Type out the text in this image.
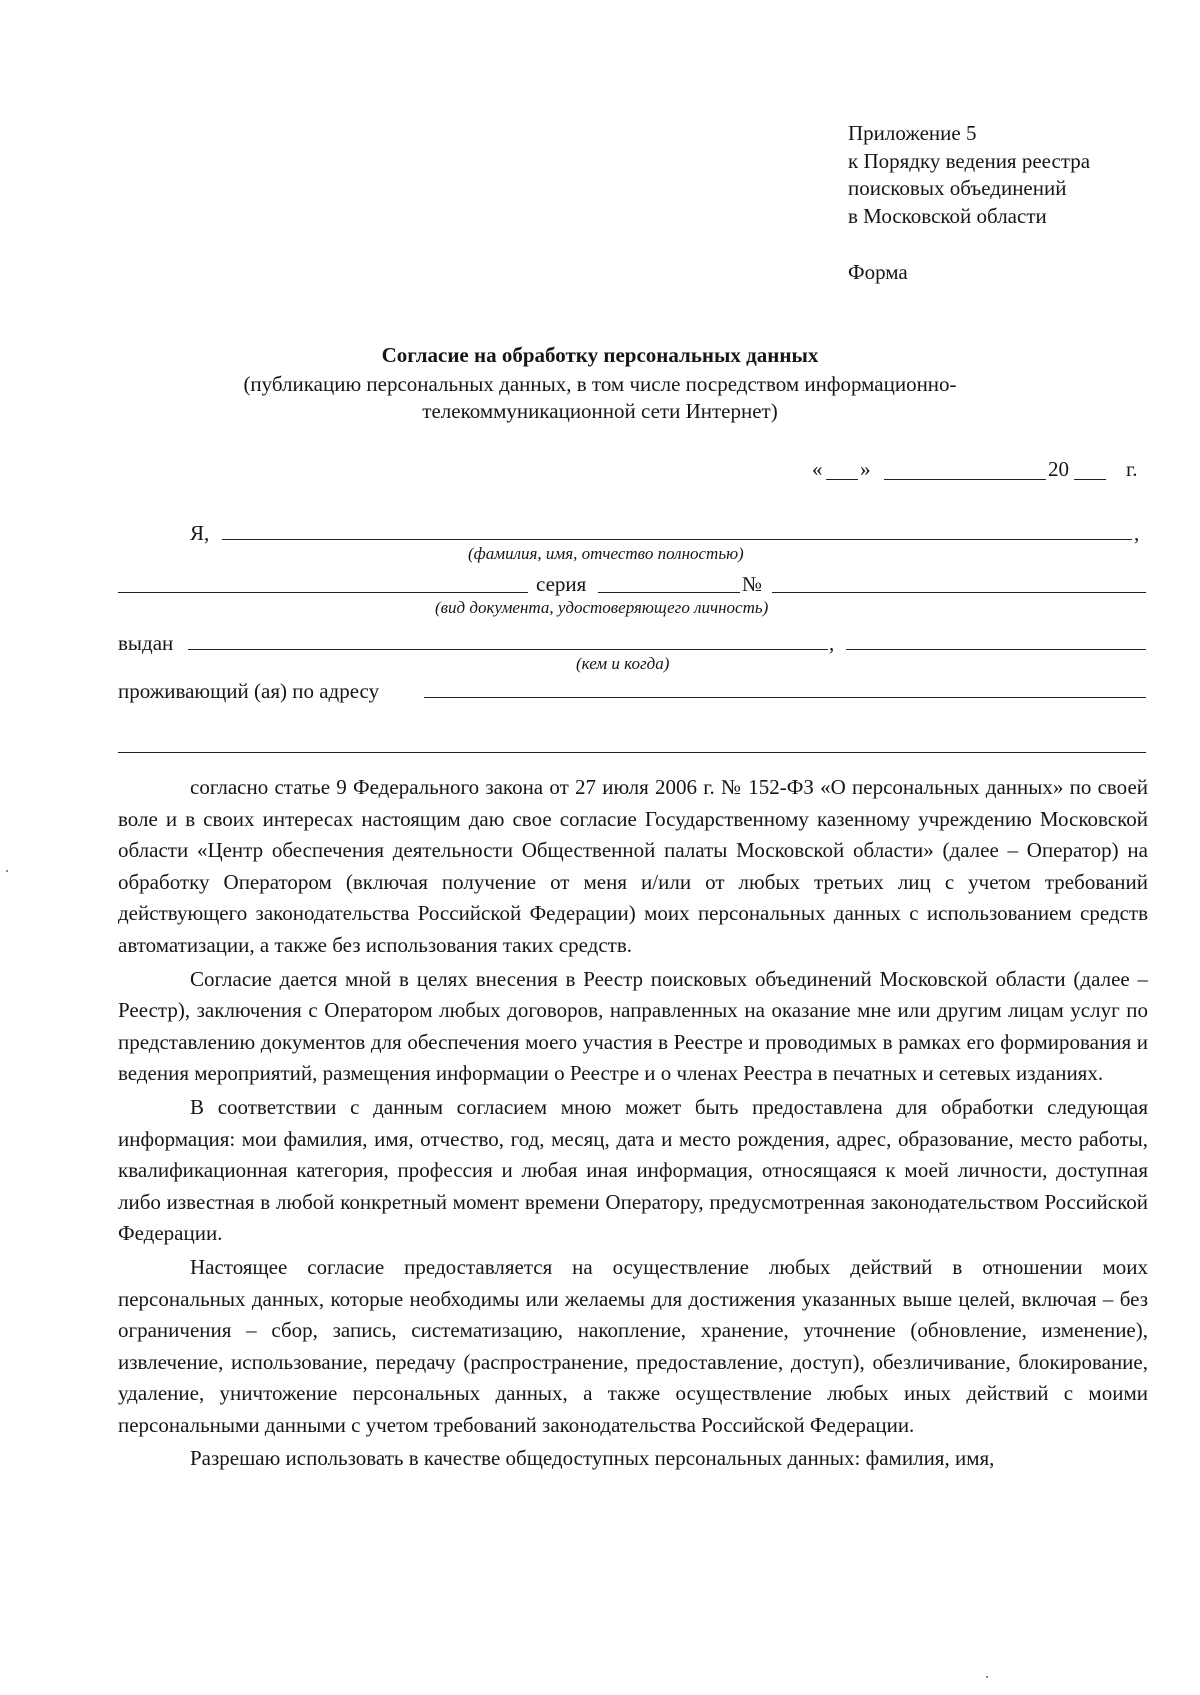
Приложение 5
к Порядку ведения реестра
поисковых объединений
в Московской области
Форма
Согласие на обработку персональных данных
(публикацию персональных данных, в том числе посредством информационно-
телекоммуникационной сети Интернет)
« »	20	г.
Я,	,
(фамилия, имя, отчество полностью)
серия	№
(вид документа, удостоверяющего личность)
выдан	,
(кем и когда)
проживающий (ая) по адресу

согласно статье 9 Федерального закона от 27 июля 2006 г. № 152-ФЗ «О персональных данных» по своей воле и в своих интересах настоящим даю свое согласие Государственному казенному учреждению Московской области «Центр обеспечения деятельности Общественной палаты Московской области» (далее – Оператор) на обработку Оператором (включая получение от меня и/или от любых третьих лиц с учетом требований действующего законодательства Российской Федерации) моих персональных данных с использованием средств автоматизации, а также без использования таких средств.

Согласие дается мной в целях внесения в Реестр поисковых объединений Московской области (далее – Реестр), заключения с Оператором любых договоров, направленных на оказание мне или другим лицам услуг по представлению документов для обеспечения моего участия в Реестре и проводимых в рамках его формирования и ведения мероприятий, размещения информации о Реестре и о членах Реестра в печатных и сетевых изданиях.

В соответствии с данным согласием мною может быть предоставлена для обработки следующая информация: мои фамилия, имя, отчество, год, месяц, дата и место рождения, адрес, образование, место работы, квалификационная категория, профессия и любая иная информация, относящаяся к моей личности, доступная либо известная в любой конкретный момент времени Оператору, предусмотренная законодательством Российской Федерации.

Настоящее согласие предоставляется на осуществление любых действий в отношении моих персональных данных, которые необходимы или желаемы для достижения указанных выше целей, включая – без ограничения – сбор, запись, систематизацию, накопление, хранение, уточнение (обновление, изменение), извлечение, использование, передачу (распространение, предоставление, доступ), обезличивание, блокирование, удаление, уничтожение персональных данных, а также осуществление любых иных действий с моими персональными данными с учетом требований законодательства Российской Федерации.

Разрешаю использовать в качестве общедоступных персональных данных: фамилия, имя,
